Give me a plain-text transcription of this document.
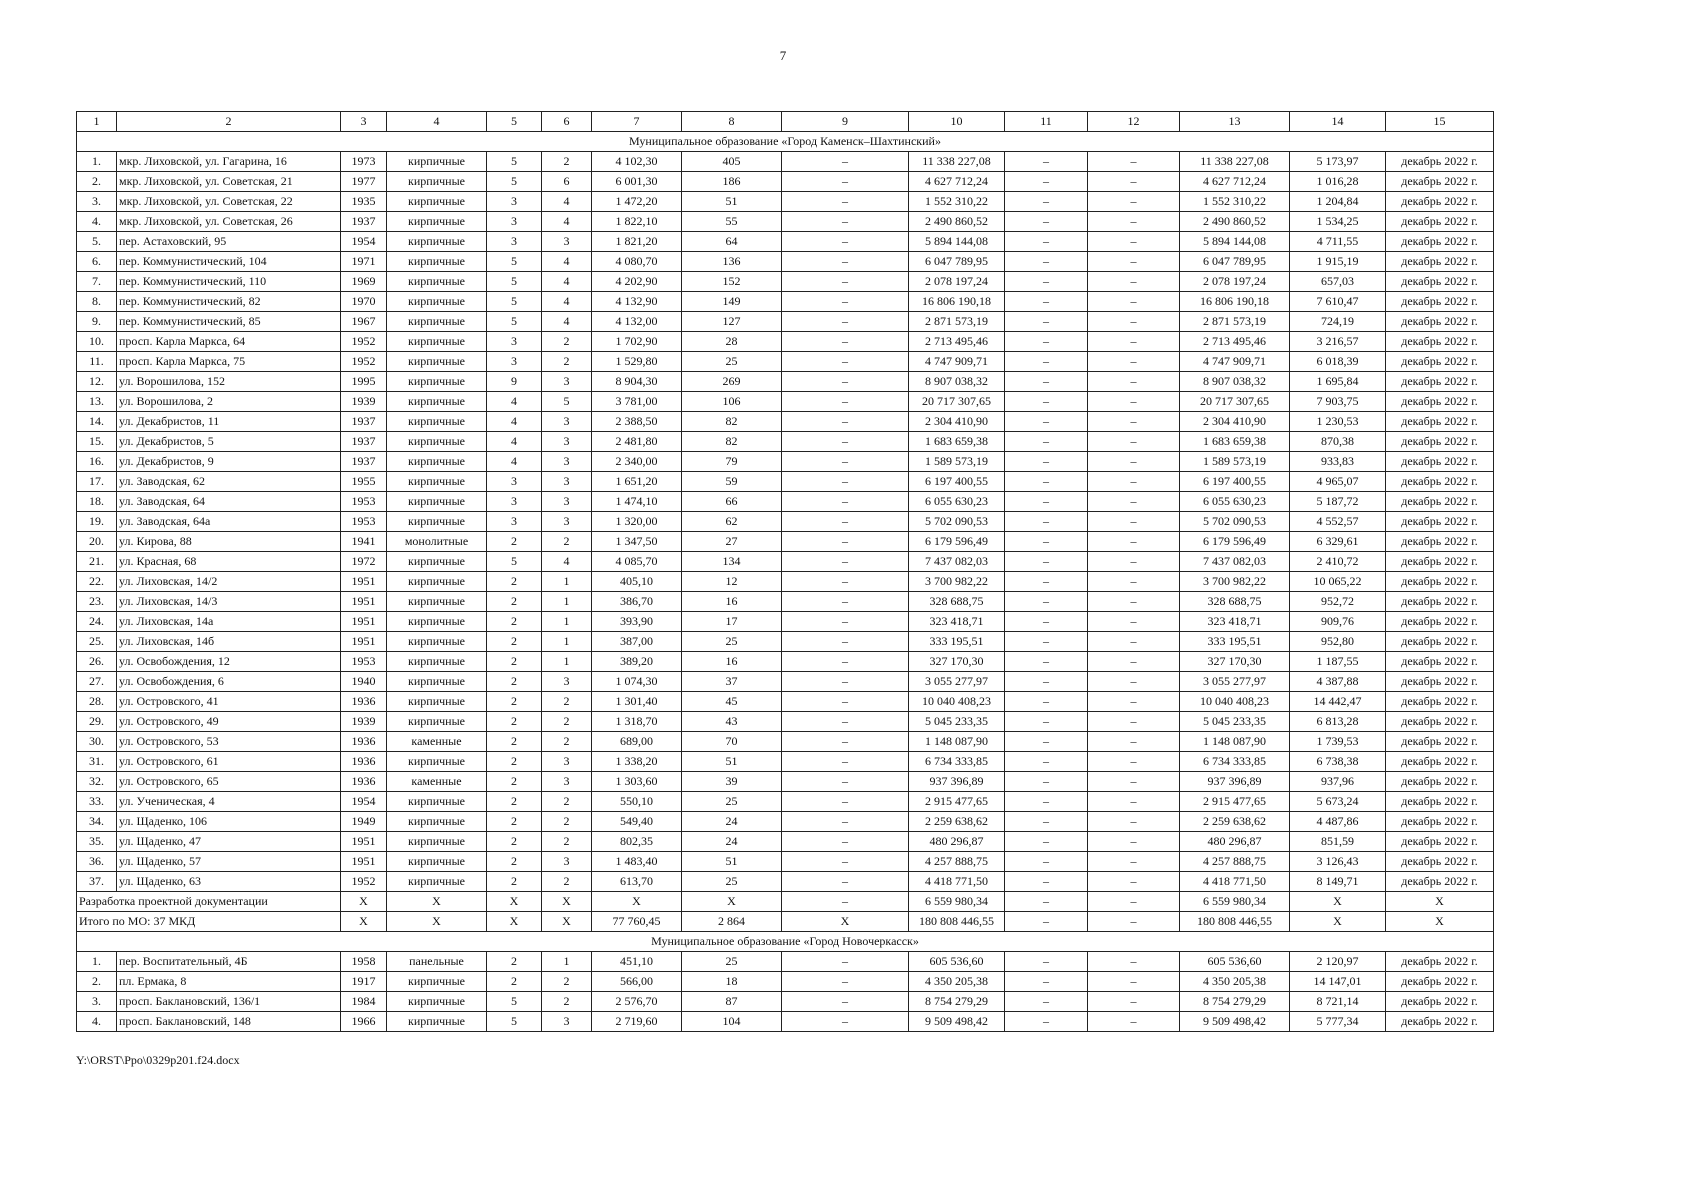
7
1	2	3	4	5	6	7	8	9	10	11	12	13	14	15
Муниципальное образование «Город Каменск–Шахтинский»														
1.	мкр. Лиховской, ул. Гагарина, 16	1973	кирпичные	5	2	4 102,30	405	–	11 338 227,08	–	–	11 338 227,08	5 173,97	декабрь 2022 г.
2.	мкр. Лиховской, ул. Советская, 21	1977	кирпичные	5	6	6 001,30	186	–	4 627 712,24	–	–	4 627 712,24	1 016,28	декабрь 2022 г.
3.	мкр. Лиховской, ул. Советская, 22	1935	кирпичные	3	4	1 472,20	51	–	1 552 310,22	–	–	1 552 310,22	1 204,84	декабрь 2022 г.
4.	мкр. Лиховской, ул. Советская, 26	1937	кирпичные	3	4	1 822,10	55	–	2 490 860,52	–	–	2 490 860,52	1 534,25	декабрь 2022 г.
5.	пер. Астаховский, 95	1954	кирпичные	3	3	1 821,20	64	–	5 894 144,08	–	–	5 894 144,08	4 711,55	декабрь 2022 г.
6.	пер. Коммунистический, 104	1971	кирпичные	5	4	4 080,70	136	–	6 047 789,95	–	–	6 047 789,95	1 915,19	декабрь 2022 г.
7.	пер. Коммунистический, 110	1969	кирпичные	5	4	4 202,90	152	–	2 078 197,24	–	–	2 078 197,24	657,03	декабрь 2022 г.
8.	пер. Коммунистический, 82	1970	кирпичные	5	4	4 132,90	149	–	16 806 190,18	–	–	16 806 190,18	7 610,47	декабрь 2022 г.
9.	пер. Коммунистический, 85	1967	кирпичные	5	4	4 132,00	127	–	2 871 573,19	–	–	2 871 573,19	724,19	декабрь 2022 г.
10.	просп. Карла Маркса, 64	1952	кирпичные	3	2	1 702,90	28	–	2 713 495,46	–	–	2 713 495,46	3 216,57	декабрь 2022 г.
11.	просп. Карла Маркса, 75	1952	кирпичные	3	2	1 529,80	25	–	4 747 909,71	–	–	4 747 909,71	6 018,39	декабрь 2022 г.
12.	ул. Ворошилова, 152	1995	кирпичные	9	3	8 904,30	269	–	8 907 038,32	–	–	8 907 038,32	1 695,84	декабрь 2022 г.
13.	ул. Ворошилова, 2	1939	кирпичные	4	5	3 781,00	106	–	20 717 307,65	–	–	20 717 307,65	7 903,75	декабрь 2022 г.
14.	ул. Декабристов, 11	1937	кирпичные	4	3	2 388,50	82	–	2 304 410,90	–	–	2 304 410,90	1 230,53	декабрь 2022 г.
15.	ул. Декабристов, 5	1937	кирпичные	4	3	2 481,80	82	–	1 683 659,38	–	–	1 683 659,38	870,38	декабрь 2022 г.
16.	ул. Декабристов, 9	1937	кирпичные	4	3	2 340,00	79	–	1 589 573,19	–	–	1 589 573,19	933,83	декабрь 2022 г.
17.	ул. Заводская, 62	1955	кирпичные	3	3	1 651,20	59	–	6 197 400,55	–	–	6 197 400,55	4 965,07	декабрь 2022 г.
18.	ул. Заводская, 64	1953	кирпичные	3	3	1 474,10	66	–	6 055 630,23	–	–	6 055 630,23	5 187,72	декабрь 2022 г.
19.	ул. Заводская, 64а	1953	кирпичные	3	3	1 320,00	62	–	5 702 090,53	–	–	5 702 090,53	4 552,57	декабрь 2022 г.
20.	ул. Кирова, 88	1941	монолитные	2	2	1 347,50	27	–	6 179 596,49	–	–	6 179 596,49	6 329,61	декабрь 2022 г.
21.	ул. Красная, 68	1972	кирпичные	5	4	4 085,70	134	–	7 437 082,03	–	–	7 437 082,03	2 410,72	декабрь 2022 г.
22.	ул. Лиховская, 14/2	1951	кирпичные	2	1	405,10	12	–	3 700 982,22	–	–	3 700 982,22	10 065,22	декабрь 2022 г.
23.	ул. Лиховская, 14/3	1951	кирпичные	2	1	386,70	16	–	328 688,75	–	–	328 688,75	952,72	декабрь 2022 г.
24.	ул. Лиховская, 14а	1951	кирпичные	2	1	393,90	17	–	323 418,71	–	–	323 418,71	909,76	декабрь 2022 г.
25.	ул. Лиховская, 14б	1951	кирпичные	2	1	387,00	25	–	333 195,51	–	–	333 195,51	952,80	декабрь 2022 г.
26.	ул. Освобождения, 12	1953	кирпичные	2	1	389,20	16	–	327 170,30	–	–	327 170,30	1 187,55	декабрь 2022 г.
27.	ул. Освобождения, 6	1940	кирпичные	2	3	1 074,30	37	–	3 055 277,97	–	–	3 055 277,97	4 387,88	декабрь 2022 г.
28.	ул. Островского, 41	1936	кирпичные	2	2	1 301,40	45	–	10 040 408,23	–	–	10 040 408,23	14 442,47	декабрь 2022 г.
29.	ул. Островского, 49	1939	кирпичные	2	2	1 318,70	43	–	5 045 233,35	–	–	5 045 233,35	6 813,28	декабрь 2022 г.
30.	ул. Островского, 53	1936	каменные	2	2	689,00	70	–	1 148 087,90	–	–	1 148 087,90	1 739,53	декабрь 2022 г.
31.	ул. Островского, 61	1936	кирпичные	2	3	1 338,20	51	–	6 734 333,85	–	–	6 734 333,85	6 738,38	декабрь 2022 г.
32.	ул. Островского, 65	1936	каменные	2	3	1 303,60	39	–	937 396,89	–	–	937 396,89	937,96	декабрь 2022 г.
33.	ул. Ученическая, 4	1954	кирпичные	2	2	550,10	25	–	2 915 477,65	–	–	2 915 477,65	5 673,24	декабрь 2022 г.
34.	ул. Щаденко, 106	1949	кирпичные	2	2	549,40	24	–	2 259 638,62	–	–	2 259 638,62	4 487,86	декабрь 2022 г.
35.	ул. Щаденко, 47	1951	кирпичные	2	2	802,35	24	–	480 296,87	–	–	480 296,87	851,59	декабрь 2022 г.
36.	ул. Щаденко, 57	1951	кирпичные	2	3	1 483,40	51	–	4 257 888,75	–	–	4 257 888,75	3 126,43	декабрь 2022 г.
37.	ул. Щаденко, 63	1952	кирпичные	2	2	613,70	25	–	4 418 771,50	–	–	4 418 771,50	8 149,71	декабрь 2022 г.
Разработка проектной документации		X	X	X	X	X	X	–	6 559 980,34	–	–	6 559 980,34	X	X
Итого по МО: 37 МКД		X	X	X	X	77 760,45	2 864	X	180 808 446,55	–	–	180 808 446,55	X	X
Муниципальное образование «Город Новочеркасск»														
1.	пер. Воспитательный, 4Б	1958	панельные	2	1	451,10	25	–	605 536,60	–	–	605 536,60	2 120,97	декабрь 2022 г.
2.	пл. Ермака, 8	1917	кирпичные	2	2	566,00	18	–	4 350 205,38	–	–	4 350 205,38	14 147,01	декабрь 2022 г.
3.	просп. Баклановский, 136/1	1984	кирпичные	5	2	2 576,70	87	–	8 754 279,29	–	–	8 754 279,29	8 721,14	декабрь 2022 г.
4.	просп. Баклановский, 148	1966	кирпичные	5	3	2 719,60	104	–	9 509 498,42	–	–	9 509 498,42	5 777,34	декабрь 2022 г.
Y:\ORST\Ppo\0329p201.f24.docx
